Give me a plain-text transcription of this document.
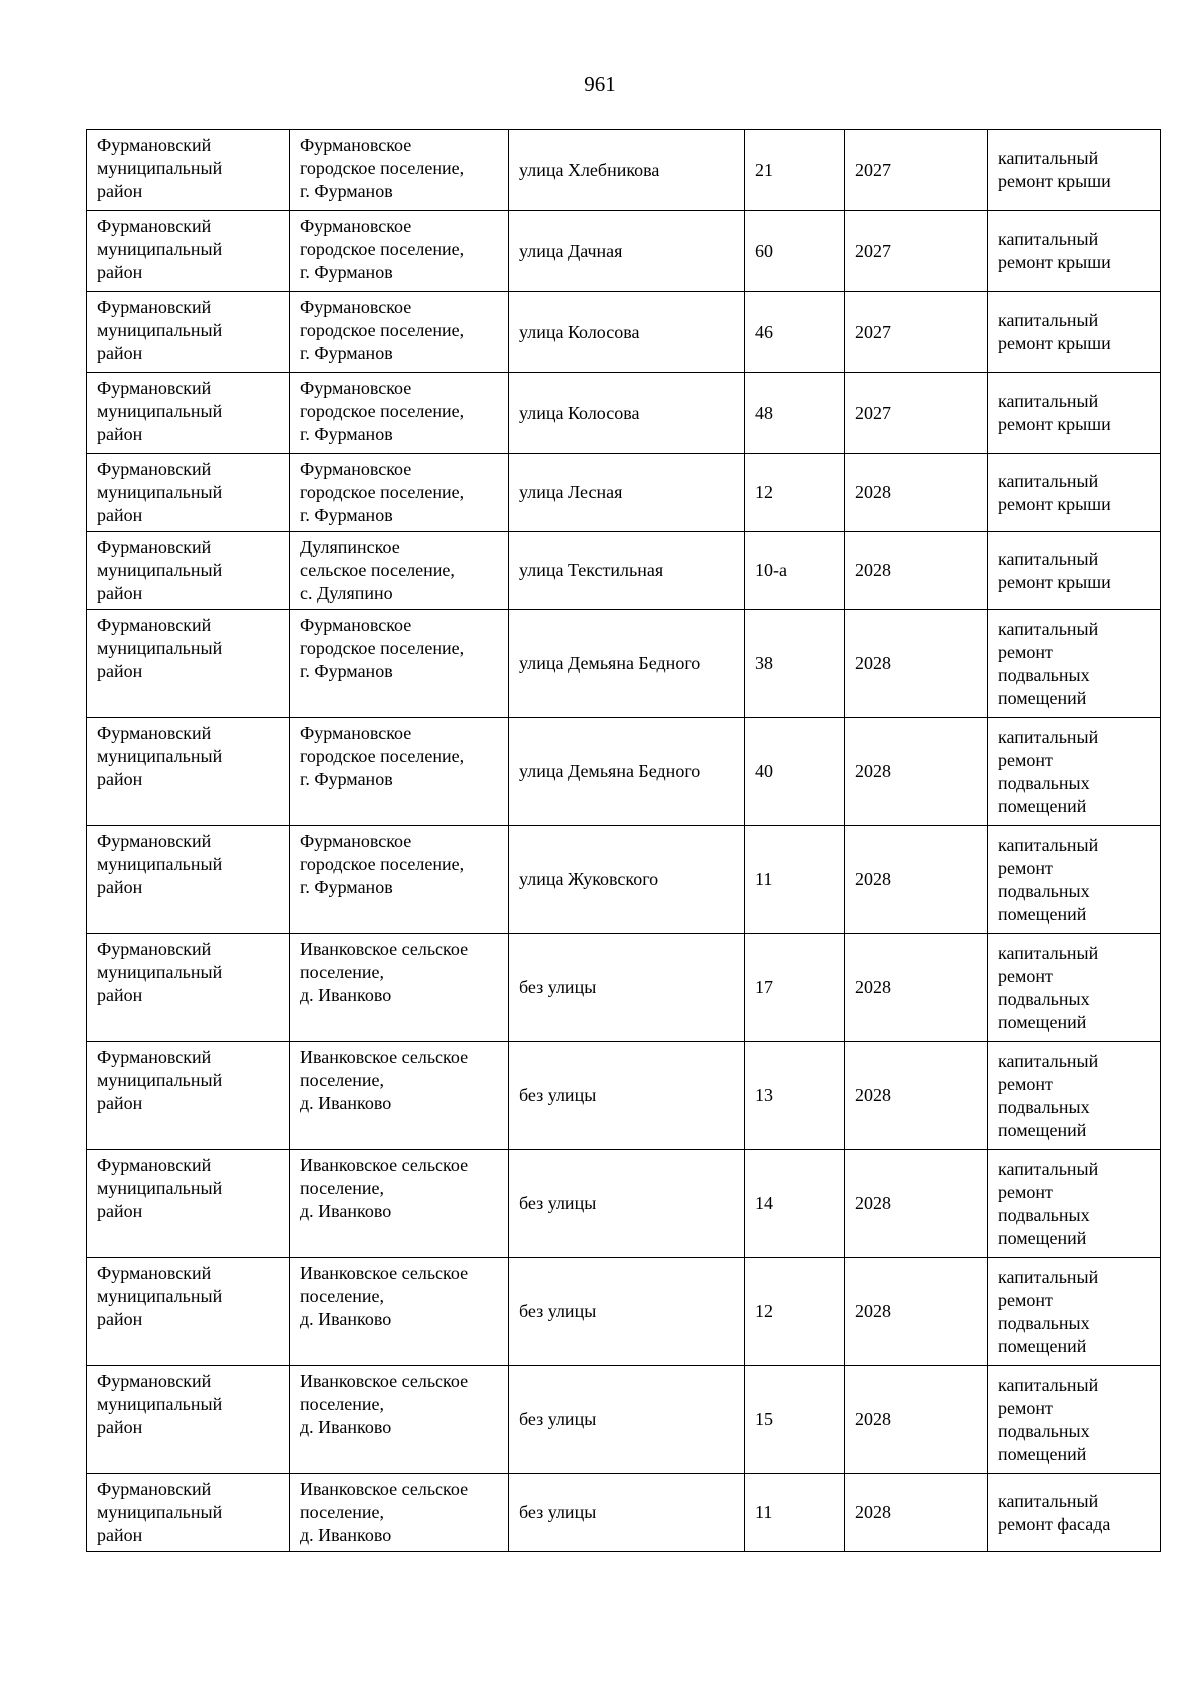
961
Фурмановский
муниципальный
район	Фурмановское
городское поселение,
г. Фурманов	улица Хлебникова	21	2027	капитальный
ремонт крыши
Фурмановский
муниципальный
район	Фурмановское
городское поселение,
г. Фурманов	улица Дачная	60	2027	капитальный
ремонт крыши
Фурмановский
муниципальный
район	Фурмановское
городское поселение,
г. Фурманов	улица Колосова	46	2027	капитальный
ремонт крыши
Фурмановский
муниципальный
район	Фурмановское
городское поселение,
г. Фурманов	улица Колосова	48	2027	капитальный
ремонт крыши
Фурмановский
муниципальный
район	Фурмановское
городское поселение,
г. Фурманов	улица Лесная	12	2028	капитальный
ремонт крыши
Фурмановский
муниципальный
район	Дуляпинское
сельское поселение,
с. Дуляпино	улица Текстильная	10-а	2028	капитальный
ремонт крыши
Фурмановский
муниципальный
район	Фурмановское
городское поселение,
г. Фурманов	улица Демьяна Бедного	38	2028	капитальный
ремонт
подвальных
помещений
Фурмановский
муниципальный
район	Фурмановское
городское поселение,
г. Фурманов	улица Демьяна Бедного	40	2028	капитальный
ремонт
подвальных
помещений
Фурмановский
муниципальный
район	Фурмановское
городское поселение,
г. Фурманов	улица Жуковского	11	2028	капитальный
ремонт
подвальных
помещений
Фурмановский
муниципальный
район	Иванковское сельское
поселение,
д. Иванково	без улицы	17	2028	капитальный
ремонт
подвальных
помещений
Фурмановский
муниципальный
район	Иванковское сельское
поселение,
д. Иванково	без улицы	13	2028	капитальный
ремонт
подвальных
помещений
Фурмановский
муниципальный
район	Иванковское сельское
поселение,
д. Иванково	без улицы	14	2028	капитальный
ремонт
подвальных
помещений
Фурмановский
муниципальный
район	Иванковское сельское
поселение,
д. Иванково	без улицы	12	2028	капитальный
ремонт
подвальных
помещений
Фурмановский
муниципальный
район	Иванковское сельское
поселение,
д. Иванково	без улицы	15	2028	капитальный
ремонт
подвальных
помещений
Фурмановский
муниципальный
район	Иванковское сельское
поселение,
д. Иванково	без улицы	11	2028	капитальный
ремонт фасада
